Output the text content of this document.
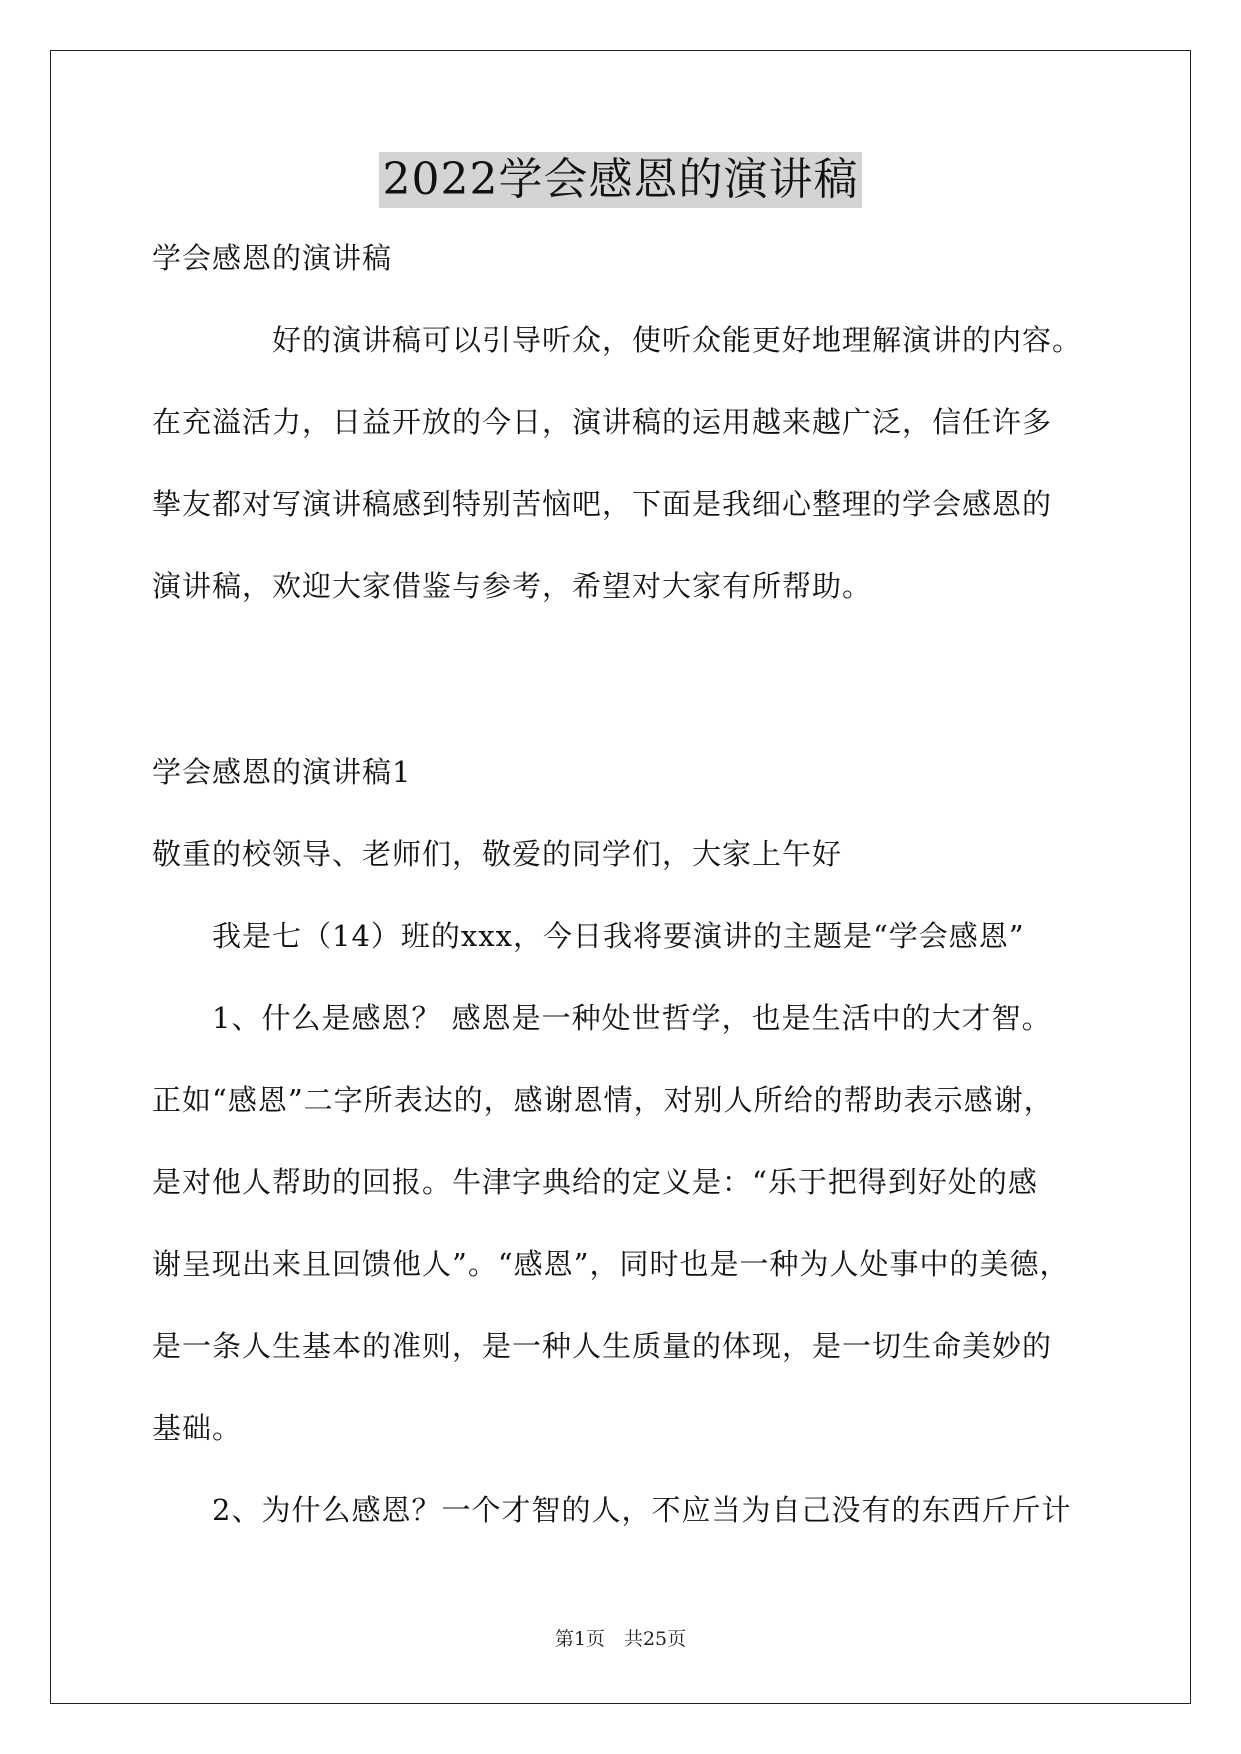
2022学会感恩的演讲稿
学会感恩的演讲稿
　　　　好的演讲稿可以引导听众，使听众能更好地理解演讲的内容。
在充溢活力，日益开放的今日，演讲稿的运用越来越广泛，信任许多
挚友都对写演讲稿感到特别苦恼吧，下面是我细心整理的学会感恩的
演讲稿，欢迎大家借鉴与参考，希望对大家有所帮助。
学会感恩的演讲稿1
敬重的校领导、老师们，敬爱的同学们，大家上午好
　　我是七（14）班的xxx，今日我将要演讲的主题是“学会感恩”
　　1、什么是感恩？ 感恩是一种处世哲学，也是生活中的大才智。
正如“感恩”二字所表达的，感谢恩情，对别人所给的帮助表示感谢，
是对他人帮助的回报。牛津字典给的定义是：“乐于把得到好处的感
谢呈现出来且回馈他人”。“感恩”，同时也是一种为人处事中的美德，
是一条人生基本的准则，是一种人生质量的体现，是一切生命美妙的
基础。
　　2、为什么感恩？一个才智的人，不应当为自己没有的东西斤斤计
第1页　共25页
